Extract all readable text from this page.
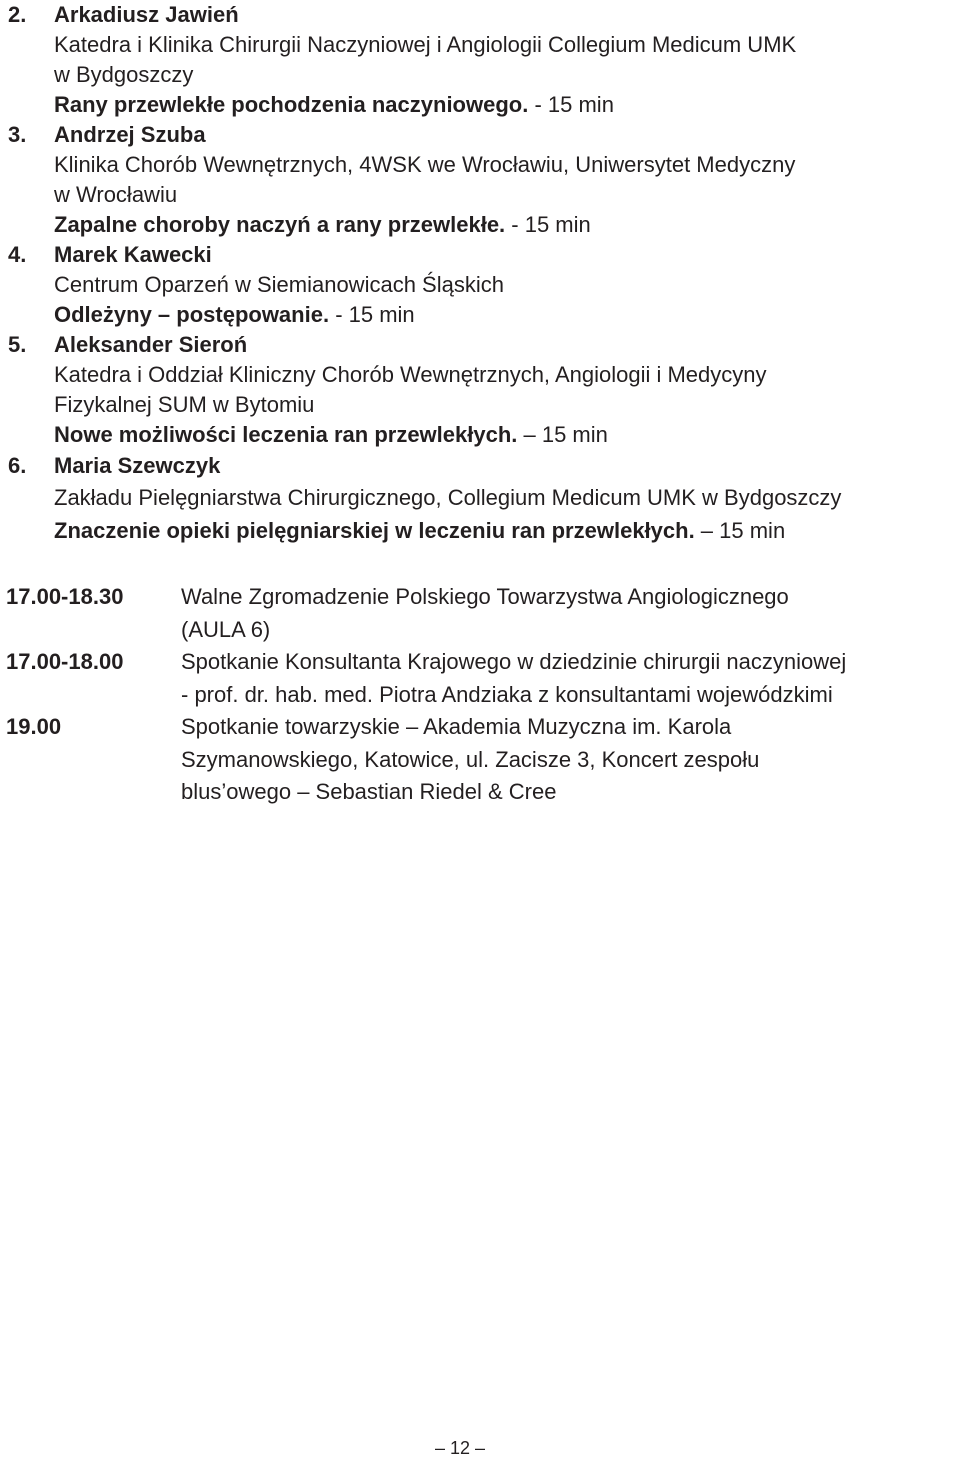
2. Arkadiusz Jawień
Katedra i Klinika Chirurgii Naczyniowej i Angiologii Collegium Medicum UMK
w Bydgoszczy
Rany przewlekłe pochodzenia naczyniowego. - 15 min
3. Andrzej Szuba
Klinika Chorób Wewnętrznych, 4WSK we Wrocławiu, Uniwersytet Medyczny
w Wrocławiu
Zapalne choroby naczyń a rany przewlekłe. - 15 min
4. Marek Kawecki
Centrum Oparzeń w Siemianowicach Śląskich
Odleżyny – postępowanie. - 15 min
5. Aleksander Sieroń
Katedra i Oddział Kliniczny Chorób Wewnętrznych, Angiologii i Medycyny
Fizykalnej SUM w Bytomiu
Nowe możliwości leczenia ran przewlekłych. – 15 min
6. Maria Szewczyk
Zakładu Pielęgniarstwa Chirurgicznego, Collegium Medicum UMK w Bydgoszczy
Znaczenie opieki pielęgniarskiej w leczeniu ran przewlekłych. – 15 min
17.00-18.30	Walne Zgromadzenie Polskiego Towarzystwa Angiologicznego
(AULA 6)
17.00-18.00	Spotkanie Konsultanta Krajowego w dziedzinie chirurgii naczyniowej
- prof. dr. hab. med. Piotra Andziaka z konsultantami wojewódzkimi
19.00	Spotkanie towarzyskie – Akademia Muzyczna im. Karola
Szymanowskiego, Katowice, ul. Zacisze 3, Koncert zespołu
blus’owego – Sebastian Riedel & Cree
– 12 –
